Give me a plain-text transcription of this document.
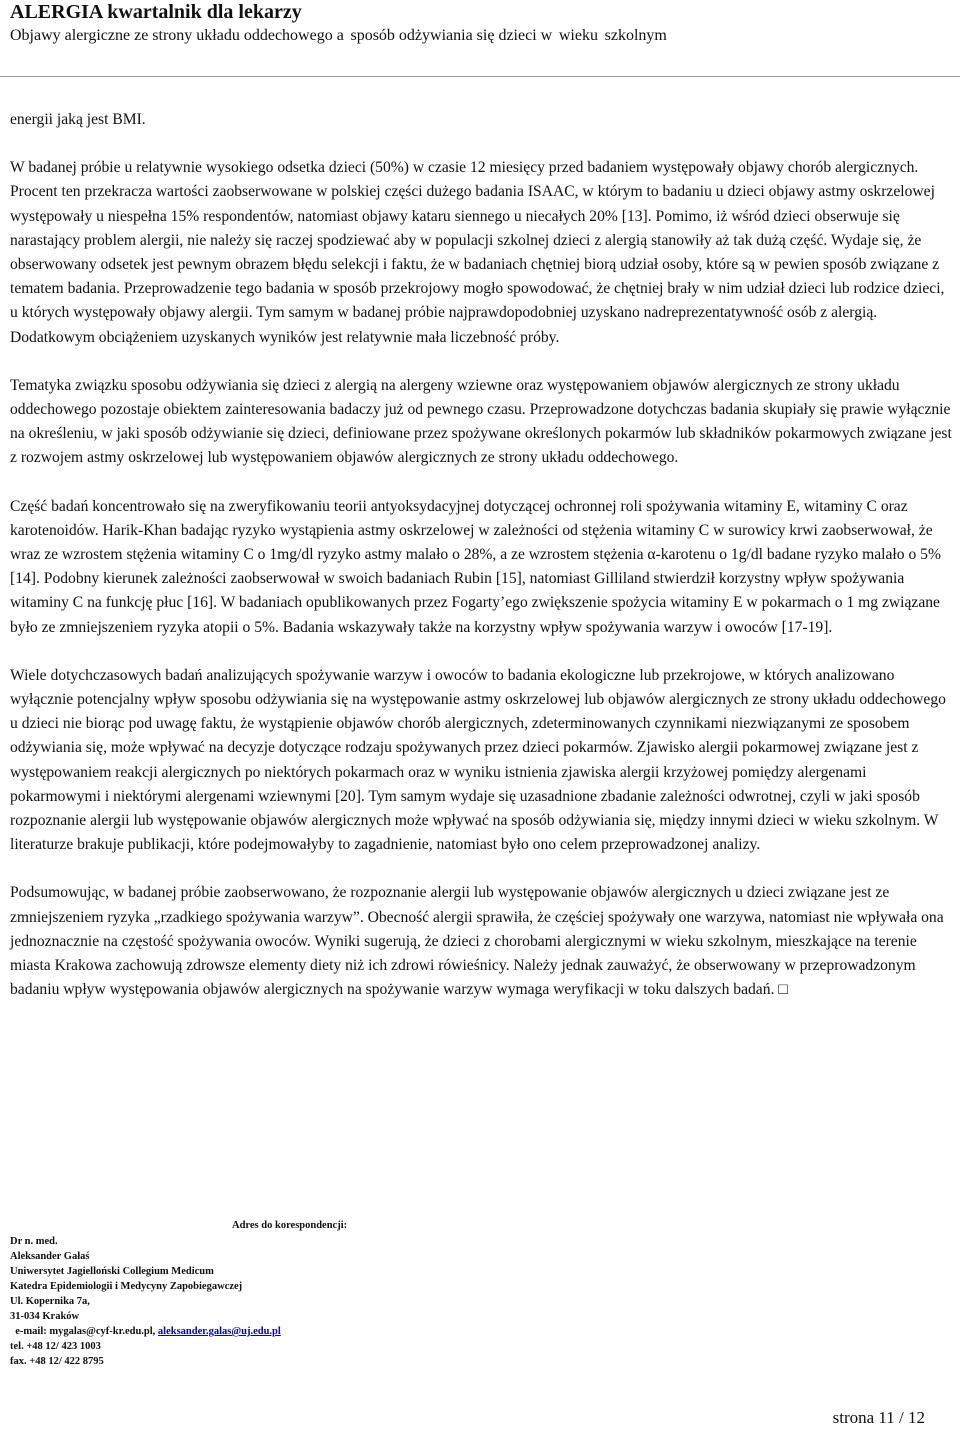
ALERGIA kwartalnik dla lekarzy
Objawy alergiczne ze strony układu oddechowego a  sposób odżywiania się dzieci w  wieku  szkolnym

energii jaką jest BMI.

W badanej próbie u relatywnie wysokiego odsetka dzieci (50%) w czasie 12 miesięcy przed badaniem występowały objawy chorób alergicznych. Procent ten przekracza wartości zaobserwowane w polskiej części dużego badania ISAAC, w którym to badaniu u dzieci objawy astmy oskrzelowej występowały u niespełna 15% respondentów, natomiast objawy kataru siennego u niecałych 20% [13]. Pomimo, iż wśród dzieci obserwuje się narastający problem alergii, nie należy się raczej spodziewać aby w populacji szkolnej dzieci z alergią stanowiły aż tak dużą część. Wydaje się, że obserwowany odsetek jest pewnym obrazem błędu selekcji i faktu, że w badaniach chętniej biorą udział osoby, które są w pewien sposób związane z tematem badania. Przeprowadzenie tego badania w sposób przekrojowy mogło spowodować, że chętniej brały w nim udział dzieci lub rodzice dzieci, u których występowały objawy alergii. Tym samym w badanej próbie najprawdopodobniej uzyskano nadreprezentatywność osób z alergią. Dodatkowym obciążeniem uzyskanych wyników jest relatywnie mała liczebność próby.

Tematyka związku sposobu odżywiania się dzieci z alergią na alergeny wziewne oraz występowaniem objawów alergicznych ze strony układu oddechowego pozostaje obiektem zainteresowania badaczy już od pewnego czasu. Przeprowadzone dotychczas badania skupiały się prawie wyłącznie na określeniu, w jaki sposób odżywianie się dzieci, definiowane przez spożywane określonych pokarmów lub składników pokarmowych związane jest z rozwojem astmy oskrzelowej lub występowaniem objawów alergicznych ze strony układu oddechowego.

Część badań koncentrowało się na zweryfikowaniu teorii antyoksydacyjnej dotyczącej ochronnej roli spożywania witaminy E, witaminy C oraz karotenoidów. Harik-Khan badając ryzyko wystąpienia astmy oskrzelowej w zależności od stężenia witaminy C w surowicy krwi zaobserwował, że wraz ze wzrostem stężenia witaminy C o 1mg/dl ryzyko astmy malało o 28%, a ze wzrostem stężenia α-karotenu o 1g/dl badane ryzyko malało o 5% [14]. Podobny kierunek zależności zaobserwował w swoich badaniach Rubin [15], natomiast Gilliland stwierdził korzystny wpływ spożywania witaminy C na funkcję płuc [16]. W badaniach opublikowanych przez Fogarty’ego zwiększenie spożycia witaminy E w pokarmach o 1 mg związane było ze zmniejszeniem ryzyka atopii o 5%. Badania wskazywały także na korzystny wpływ spożywania warzyw i owoców [17-19].

Wiele dotychczasowych badań analizujących spożywanie warzyw i owoców to badania ekologiczne lub przekrojowe, w których analizowano wyłącznie potencjalny wpływ sposobu odżywiania się na występowanie astmy oskrzelowej lub objawów alergicznych ze strony układu oddechowego u dzieci nie biorąc pod uwagę faktu, że wystąpienie objawów chorób alergicznych, zdeterminowanych czynnikami niezwiązanymi ze sposobem odżywiania się, może wpływać na decyzje dotyczące rodzaju spożywanych przez dzieci pokarmów. Zjawisko alergii pokarmowej związane jest z występowaniem reakcji alergicznych po niektórych pokarmach oraz w wyniku istnienia zjawiska alergii krzyżowej pomiędzy alergenami pokarmowymi i niektórymi alergenami wziewnymi [20]. Tym samym wydaje się uzasadnione zbadanie zależności odwrotnej, czyli w jaki sposób rozpoznanie alergii lub występowanie objawów alergicznych może wpływać na sposób odżywiania się, między innymi dzieci w wieku szkolnym. W literaturze brakuje publikacji, które podejmowałyby to zagadnienie, natomiast było ono celem przeprowadzonej analizy.

Podsumowując, w badanej próbie zaobserwowano, że rozpoznanie alergii lub występowanie objawów alergicznych u dzieci związane jest ze zmniejszeniem ryzyka „rzadkiego spożywania warzyw”. Obecność alergii sprawiła, że częściej spożywały one warzywa, natomiast nie wpływała ona jednoznacznie na częstość spożywania owoców. Wyniki sugerują, że dzieci z chorobami alergicznymi w wieku szkolnym, mieszkające na terenie miasta Krakowa zachowują zdrowsze elementy diety niż ich zdrowi rówieśnicy. Należy jednak zauważyć, że obserwowany w przeprowadzonym badaniu wpływ występowania objawów alergicznych na spożywanie warzyw wymaga weryfikacji w toku dalszych badań. □

Adres do korespondencji:
Dr n. med.
Aleksander Gałaś
Uniwersytet Jagielloński Collegium Medicum
Katedra Epidemiologii i Medycyny Zapobiegawczej
Ul. Kopernika 7a,
31-034 Kraków
e-mail: mygalas@cyf-kr.edu.pl, aleksander.galas@uj.edu.pl
tel. +48 12/ 423 1003
fax. +48 12/ 422 8795
strona 11 / 12
